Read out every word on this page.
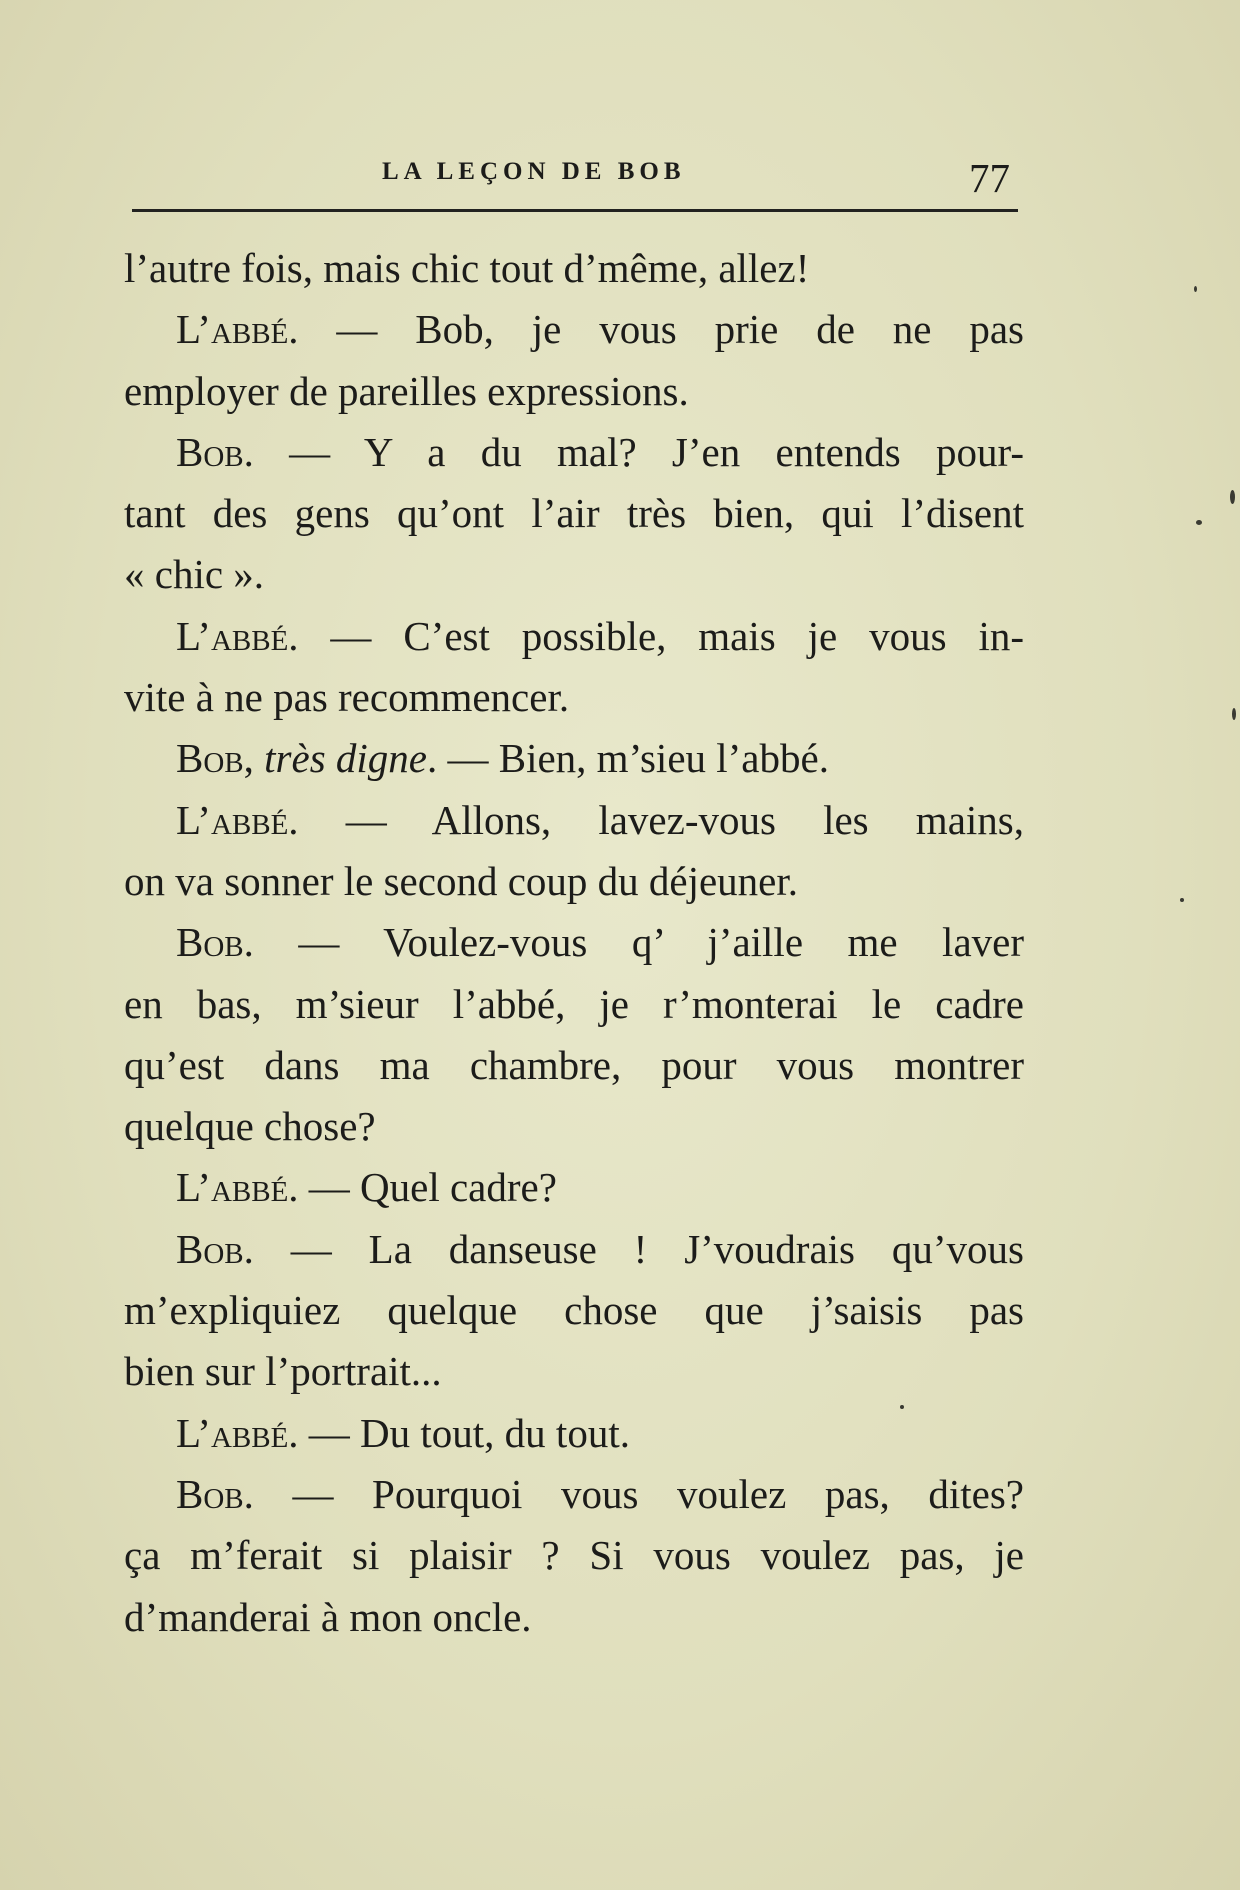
LA LEÇON DE BOB	77
l’autre fois, mais chic tout d’même, allez!
L’abbé. — Bob, je vous prie de ne pas
employer de pareilles expressions.
Bob. — Y a du mal? J’en entends pour-
tant des gens qu’ont l’air très bien, qui l’disent
« chic ».
L’abbé. — C’est possible, mais je vous in-
vite à ne pas recommencer.
Bob, très digne. — Bien, m’sieu l’abbé.
L’abbé. — Allons, lavez-vous les mains,
on va sonner le second coup du déjeuner.
Bob. — Voulez-vous q’ j’aille me laver
en bas, m’sieur l’abbé, je r’monterai le cadre
qu’est dans ma chambre, pour vous montrer
quelque chose?
L’abbé. — Quel cadre?
Bob. — La danseuse ! J’voudrais qu’vous
m’expliquiez quelque chose que j’saisis pas
bien sur l’portrait...
L’abbé. — Du tout, du tout.
Bob. — Pourquoi vous voulez pas, dites?
ça m’ferait si plaisir ? Si vous voulez pas, je
d’manderai à mon oncle.
